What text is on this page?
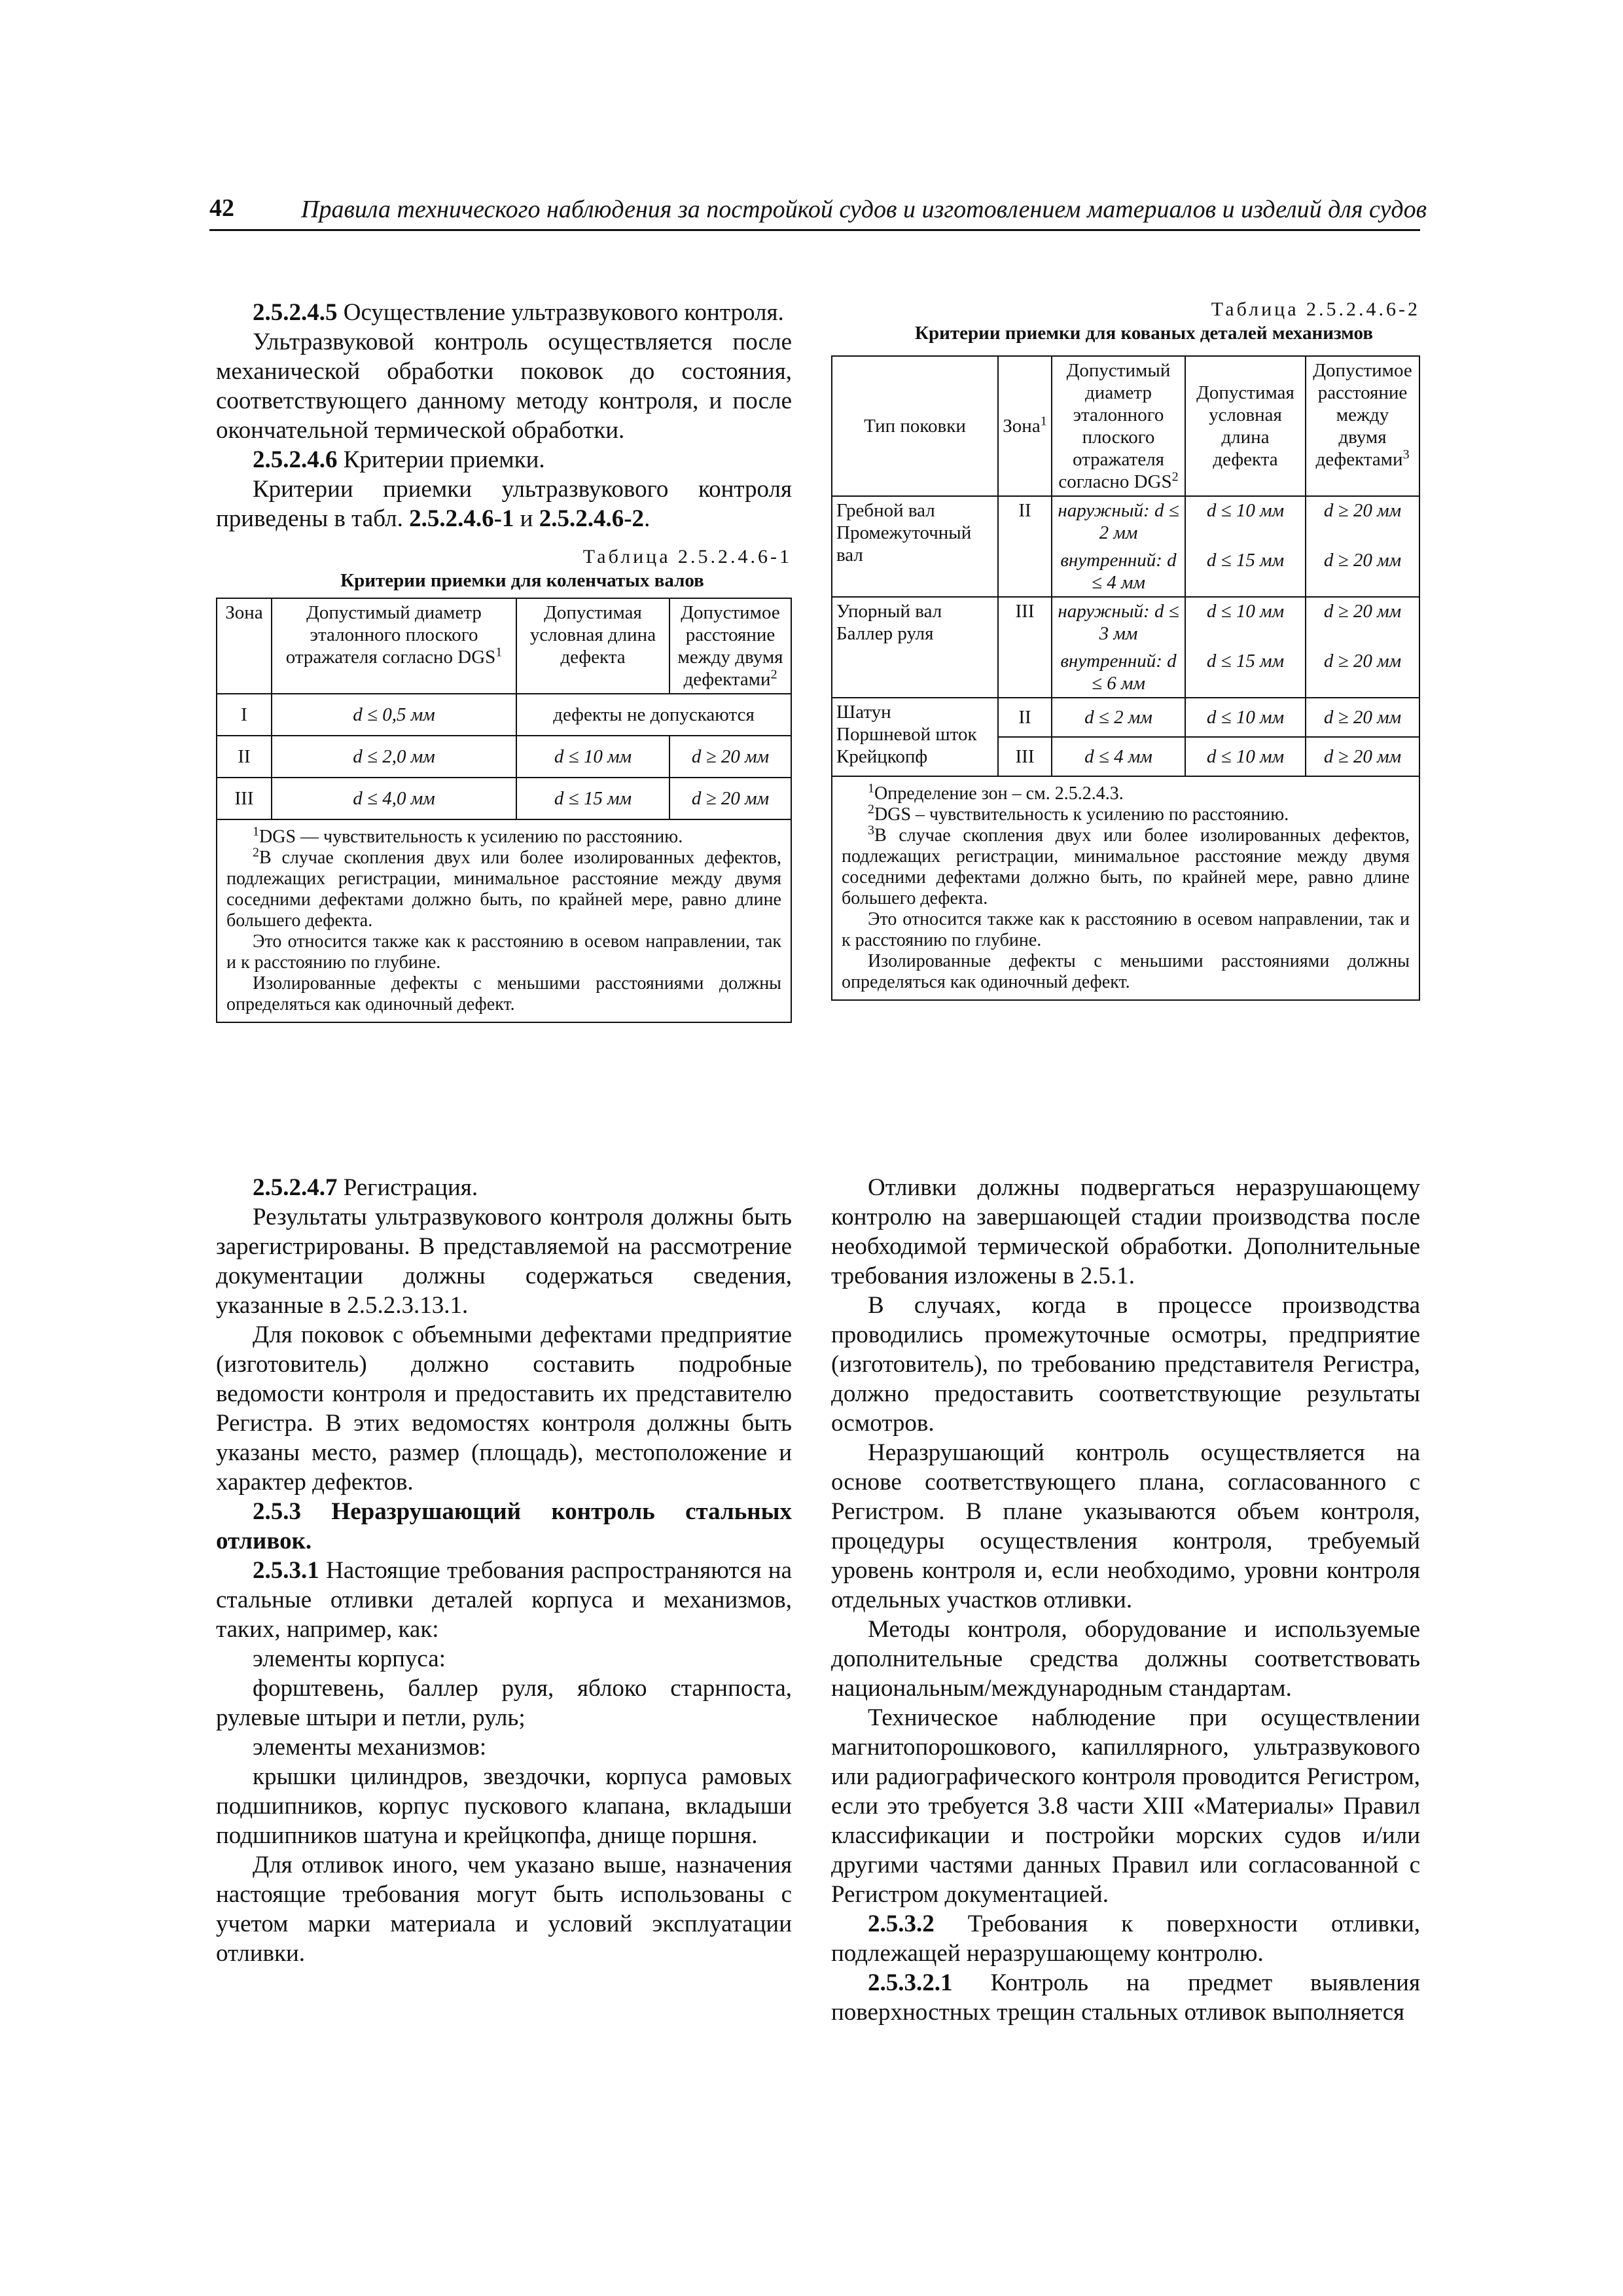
42	Правила технического наблюдения за постройкой судов и изготовлением материалов и изделий для судов

2.5.2.4.5 Осуществление ультразвукового контроля.

Ультразвуковой контроль осуществляется после механической обработки поковок до состояния, соответствующего данному методу контроля, и после окончательной термической обработки.

2.5.2.4.6 Критерии приемки.

Критерии приемки ультразвукового контроля приведены в табл. 2.5.2.4.6-1 и 2.5.2.4.6-2.

Таблица 2.5.2.4.6-1

Критерии приемки для коленчатых валов

Зона	Допустимый диаметр эталонного плоского отражателя согласно DGS$^1$	Допустимая условная длина дефекта	Допустимое расстояние между двумя дефектами$^2$
I	d ≤ 0,5 мм	дефекты не допускаются	
II	d ≤ 2,0 мм	d ≤ 10 мм	d ≥ 20 мм
III	d ≤ 4,0 мм	d ≤ 15 мм	d ≥ 20 мм

$^1$DGS — чувствительность к усилению по расстоянию.

$^2$В случае скопления двух или более изолированных дефектов, подлежащих регистрации, минимальное расстояние между двумя соседними дефектами должно быть, по крайней мере, равно длине большего дефекта.

Это относится также как к расстоянию в осевом направлении, так и к расстоянию по глубине.

Изолированные дефекты с меньшими расстояниями должны определяться как одиночный дефект.

Таблица 2.5.2.4.6-2

Критерии приемки для кованых деталей механизмов

Тип поковки	Зона$^1$	Допустимый диаметр эталонного плоского отражателя согласно DGS$^2$	Допустимая условная длина дефекта	Допустимое расстояние между двумя дефектами$^3$
Гребной вал
Промежуточный вал	II	наружный: d ≤ 2 мм	d ≤ 10 мм	d ≥ 20 мм
		внутренний: d ≤ 4 мм	d ≤ 15 мм	d ≥ 20 мм
Упорный вал
Баллер руля	III	наружный: d ≤ 3 мм	d ≤ 10 мм	d ≥ 20 мм
		внутренний: d ≤ 6 мм	d ≤ 15 мм	d ≥ 20 мм
Шатун
Поршневой шток
Крейцкопф	II	d ≤ 2 мм	d ≤ 10 мм	d ≥ 20 мм
	III	d ≤ 4 мм	d ≤ 10 мм	d ≥ 20 мм

$^1$Определение зон – см. 2.5.2.4.3.

$^2$DGS – чувствительность к усилению по расстоянию.

$^3$В случае скопления двух или более изолированных дефектов, подлежащих регистрации, минимальное расстояние между двумя соседними дефектами должно быть, по крайней мере, равно длине большего дефекта.

Это относится также как к расстоянию в осевом направлении, так и к расстоянию по глубине.

Изолированные дефекты с меньшими расстояниями должны определяться как одиночный дефект.

2.5.2.4.7 Регистрация.

Результаты ультразвукового контроля должны быть зарегистрированы. В представляемой на рассмотрение документации должны содержаться сведения, указанные в 2.5.2.3.13.1.

Для поковок с объемными дефектами предприятие (изготовитель) должно составить подробные ведомости контроля и предоставить их представителю Регистра. В этих ведомостях контроля должны быть указаны место, размер (площадь), местоположение и характер дефектов.

2.5.3 Неразрушающий контроль стальных отливок.

2.5.3.1 Настоящие требования распространяются на стальные отливки деталей корпуса и механизмов, таких, например, как:

элементы корпуса:

форштевень, баллер руля, яблоко старнпоста, рулевые штыри и петли, руль;

элементы механизмов:

крышки цилиндров, звездочки, корпуса рамовых подшипников, корпус пускового клапана, вкладыши подшипников шатуна и крейцкопфа, днище поршня.

Для отливок иного, чем указано выше, назначения настоящие требования могут быть использованы с учетом марки материала и условий эксплуатации отливки.

Отливки должны подвергаться неразрушающему контролю на завершающей стадии производства после необходимой термической обработки. Дополнительные требования изложены в 2.5.1.

В случаях, когда в процессе производства проводились промежуточные осмотры, предприятие (изготовитель), по требованию представителя Регистра, должно предоставить соответствующие результаты осмотров.

Неразрушающий контроль осуществляется на основе соответствующего плана, согласованного с Регистром. В плане указываются объем контроля, процедуры осуществления контроля, требуемый уровень контроля и, если необходимо, уровни контроля отдельных участков отливки.

Методы контроля, оборудование и используемые дополнительные средства должны соответствовать национальным/международным стандартам.

Техническое наблюдение при осуществлении магнитопорошкового, капиллярного, ультразвукового или радиографического контроля проводится Регистром, если это требуется 3.8 части XIII «Материалы» Правил классификации и постройки морских судов и/или другими частями данных Правил или согласованной с Регистром документацией.

2.5.3.2 Требования к поверхности отливки, подлежащей неразрушающему контролю.

2.5.3.2.1 Контроль на предмет выявления поверхностных трещин стальных отливок выполняется
